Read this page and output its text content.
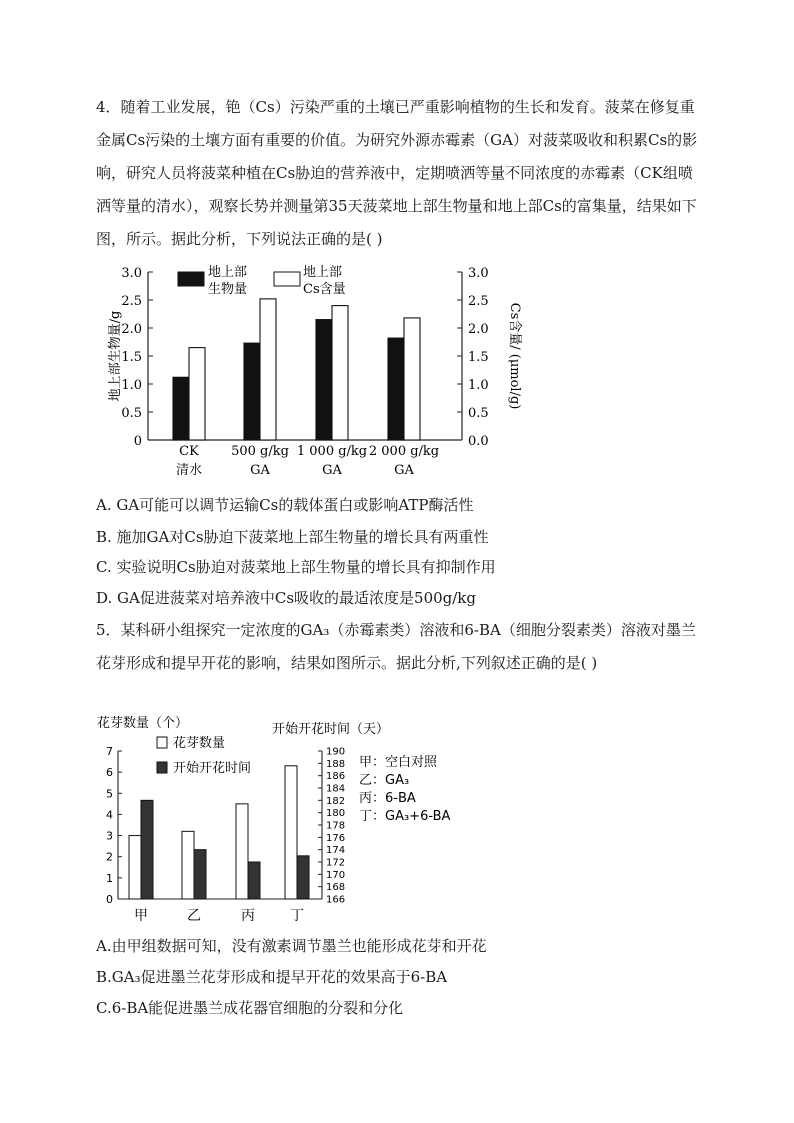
4．随着工业发展，铯（Cs）污染严重的土壤已严重影响植物的生长和发育。菠菜在修复重金属Cs污染的土壤方面有重要的价值。为研究外源赤霉素（GA）对菠菜吸收和积累Cs的影响，研究人员将菠菜种植在Cs胁迫的营养液中，定期喷洒等量不同浓度的赤霉素（CK组喷洒等量的清水），观察长势并测量第35天菠菜地上部生物量和地上部Cs的富集量，结果如下图，所示。据此分析，下列说法正确的是( )

0
0.5
1.0
1.5
2.0
2.5
3.0
0.0
0.5
1.0
1.5
2.0
2.5
3.0
地上部生物量/g	Cs含量/ (μmol/g)
CK
清水
500 g/kg
GA
1 000 g/kg
GA
2 000 g/kg
GA
地上部
生物量
地上部
Cs含量

A. GA可能可以调节运输Cs的载体蛋白或影响ATP酶活性

B. 施加GA对Cs胁迫下菠菜地上部生物量的增长具有两重性

C. 实验说明Cs胁迫对菠菜地上部生物量的增长具有抑制作用

D. GA促进菠菜对培养液中Cs吸收的最适浓度是500g/kg

5．某科研小组探究一定浓度的GA₃（赤霉素类）溶液和6-BA（细胞分裂素类）溶液对墨兰花芽形成和提早开花的影响，结果如图所示。据此分析,下列叙述正确的是( )

0
1
2
3
4
5
6
7
166
168
170
172
174
176
178
180
182
184
186
188
190
花芽数量（个）	开始开花时间（天）
甲	乙	丙	丁
花芽数量
开始开花时间	甲：空白对照
乙：GA₃
丙：6-BA
丁：GA₃+6-BA

A.由甲组数据可知，没有激素调节墨兰也能形成花芽和开花

B.GA₃促进墨兰花芽形成和提早开花的效果高于6-BA

C.6-BA能促进墨兰成花器官细胞的分裂和分化
